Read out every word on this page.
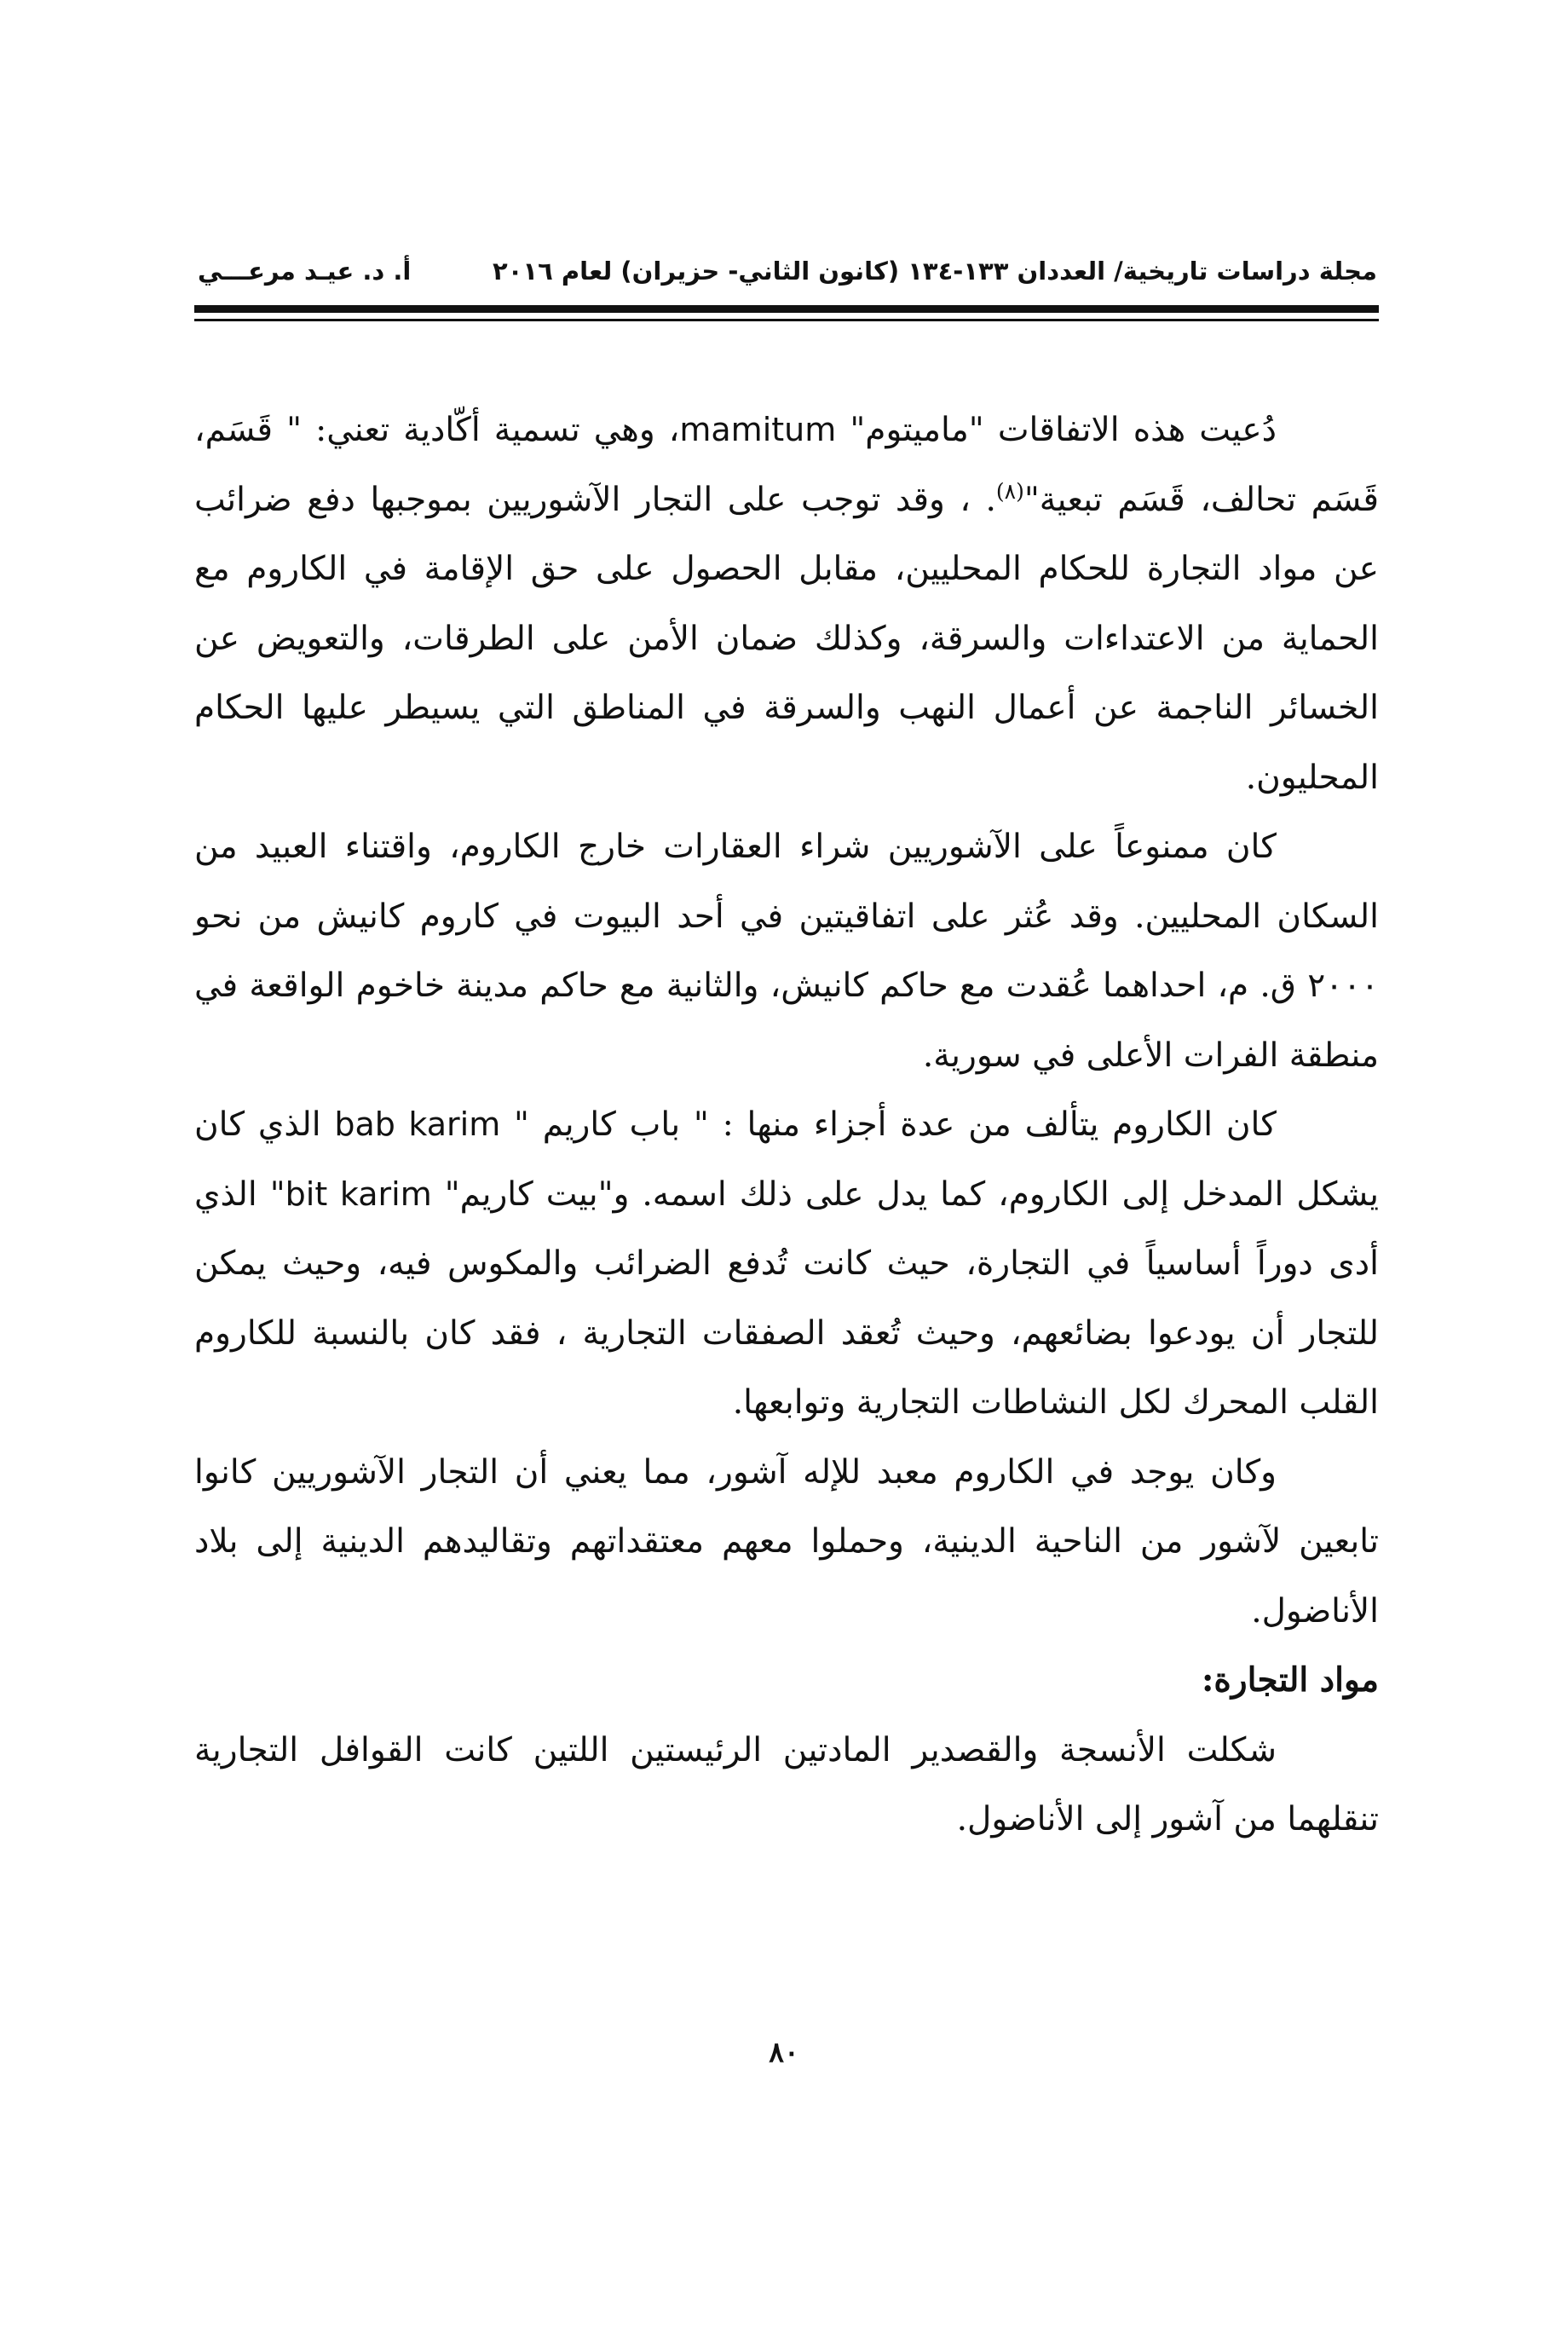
مجلة دراسات تاريخية/ العددان ١٣٣-١٣٤ (كانون الثاني- حزيران) لعام ٢٠١٦
أ. د. عيـد مرعـــي

دُعيت هذه الاتفاقات "ماميتوم" mamitum، وهي تسمية أكّادية تعني: " قَسَم، قَسَم تحالف، قَسَم تبعية"$^{(٨)}$. ، وقد توجب على التجار الآشوريين بموجبها دفع ضرائب عن مواد التجارة للحكام المحليين، مقابل الحصول على حق الإقامة في الكاروم مع الحماية من الاعتداءات والسرقة، وكذلك ضمان الأمن على الطرقات، والتعويض عن الخسائر الناجمة عن أعمال النهب والسرقة في المناطق التي يسيطر عليها الحكام المحليون.

كان ممنوعاً على الآشوريين شراء العقارات خارج الكاروم، واقتناء العبيد من السكان المحليين. وقد عُثر على اتفاقيتين في أحد البيوت في كاروم كانيش من نحو ٢٠٠٠ ق. م، احداهما عُقدت مع حاكم كانيش، والثانية مع حاكم مدينة خاخوم الواقعة في منطقة الفرات الأعلى في سورية.

كان الكاروم يتألف من عدة أجزاء منها : " باب كاريم " bab karim الذي كان يشكل المدخل إلى الكاروم، كما يدل على ذلك اسمه. و"بيت كاريم" bit karim" الذي أدى دوراً أساسياً في التجارة، حيث كانت تُدفع الضرائب والمكوس فيه، وحيث يمكن للتجار أن يودعوا بضائعهم، وحيث تُعقد الصفقات التجارية ، فقد كان بالنسبة للكاروم القلب المحرك لكل النشاطات التجارية وتوابعها.

وكان يوجد في الكاروم معبد للإله آشور، مما يعني أن التجار الآشوريين كانوا تابعين لآشور من الناحية الدينية، وحملوا معهم معتقداتهم وتقاليدهم الدينية إلى بلاد الأناضول.

مواد التجارة:

شكلت الأنسجة والقصدير المادتين الرئيستين اللتين كانت القوافل التجارية تنقلهما من آشور إلى الأناضول.

٨٠
